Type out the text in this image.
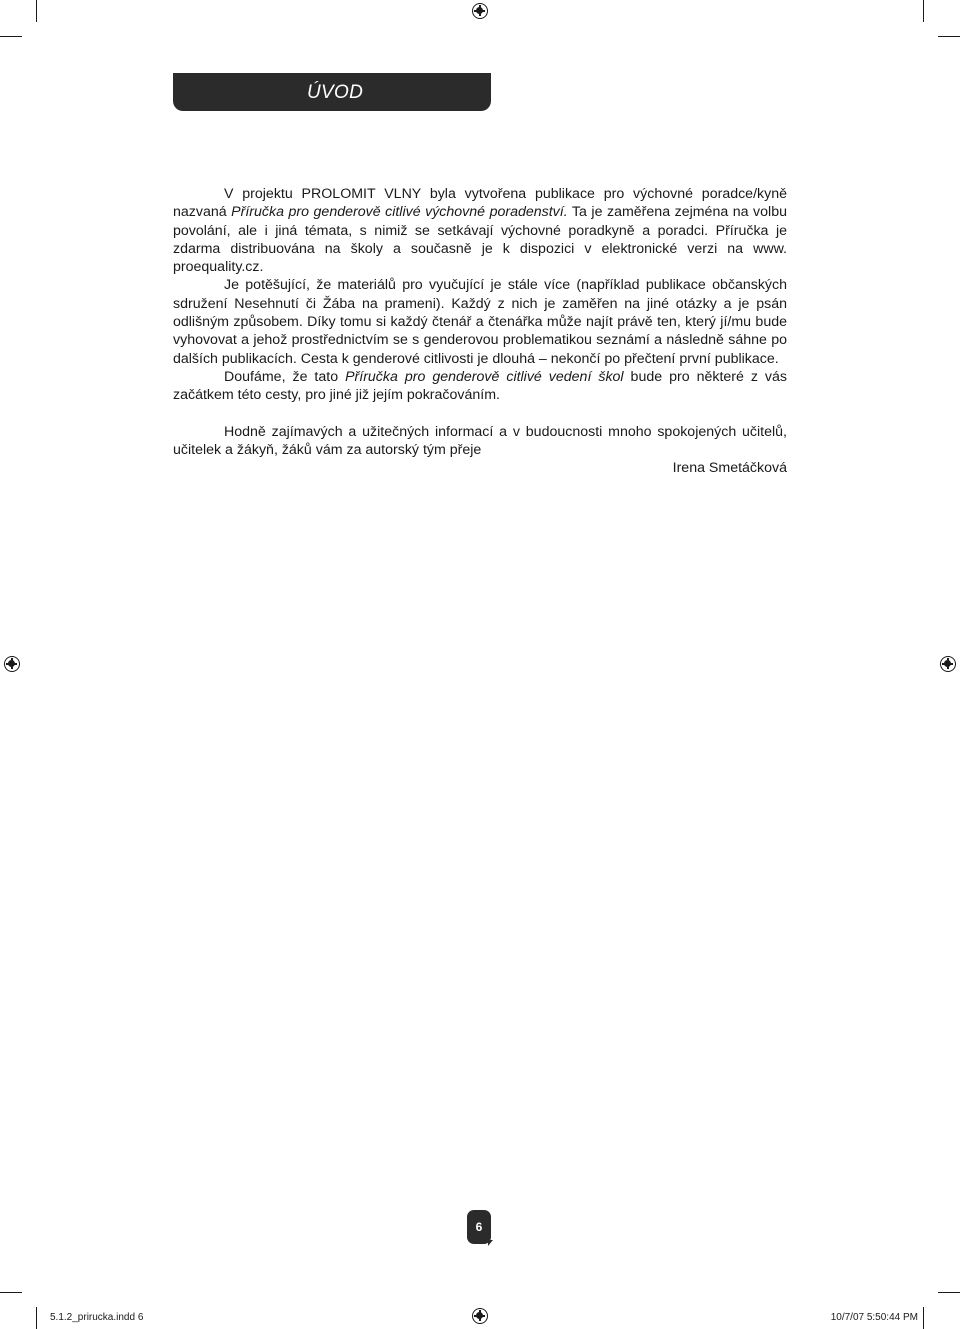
ÚVOD

V projektu PROLOMIT VLNY byla vytvořena publikace pro výchovné poradce/kyně nazvaná Příručka pro genderově citlivé výchovné poradenství. Ta je zaměřena zejména na volbu povolání, ale i jiná témata, s nimiž se setkávají výchovné poradkyně a poradci. Příručka je zdarma distribuována na školy a současně je k dispozici v elektronické verzi na www. proequality.cz.

Je potěšující, že materiálů pro vyučující je stále více (například publikace občanských sdružení Nesehnutí či Žába na prameni). Každý z nich je zaměřen na jiné otázky a je psán odlišným způsobem. Díky tomu si každý čtenář a čtenářka může najít právě ten, který jí/mu bude vyhovovat a jehož prostřednictvím se s genderovou problematikou seznámí a následně sáhne po dalších publikacích. Cesta k genderové citlivosti je dlouhá – nekončí po přečtení první publikace.

Doufáme, že tato Příručka pro genderově citlivé vedení škol bude pro některé z vás začátkem této cesty, pro jiné již jejím pokračováním.

Hodně zajímavých a užitečných informací a v budoucnosti mnoho spokojených učitelů, učitelek a žákyň, žáků vám za autorský tým přeje

Irena Smetáčková

6
5.1.2_prirucka.indd 6	10/7/07 5:50:44 PM
